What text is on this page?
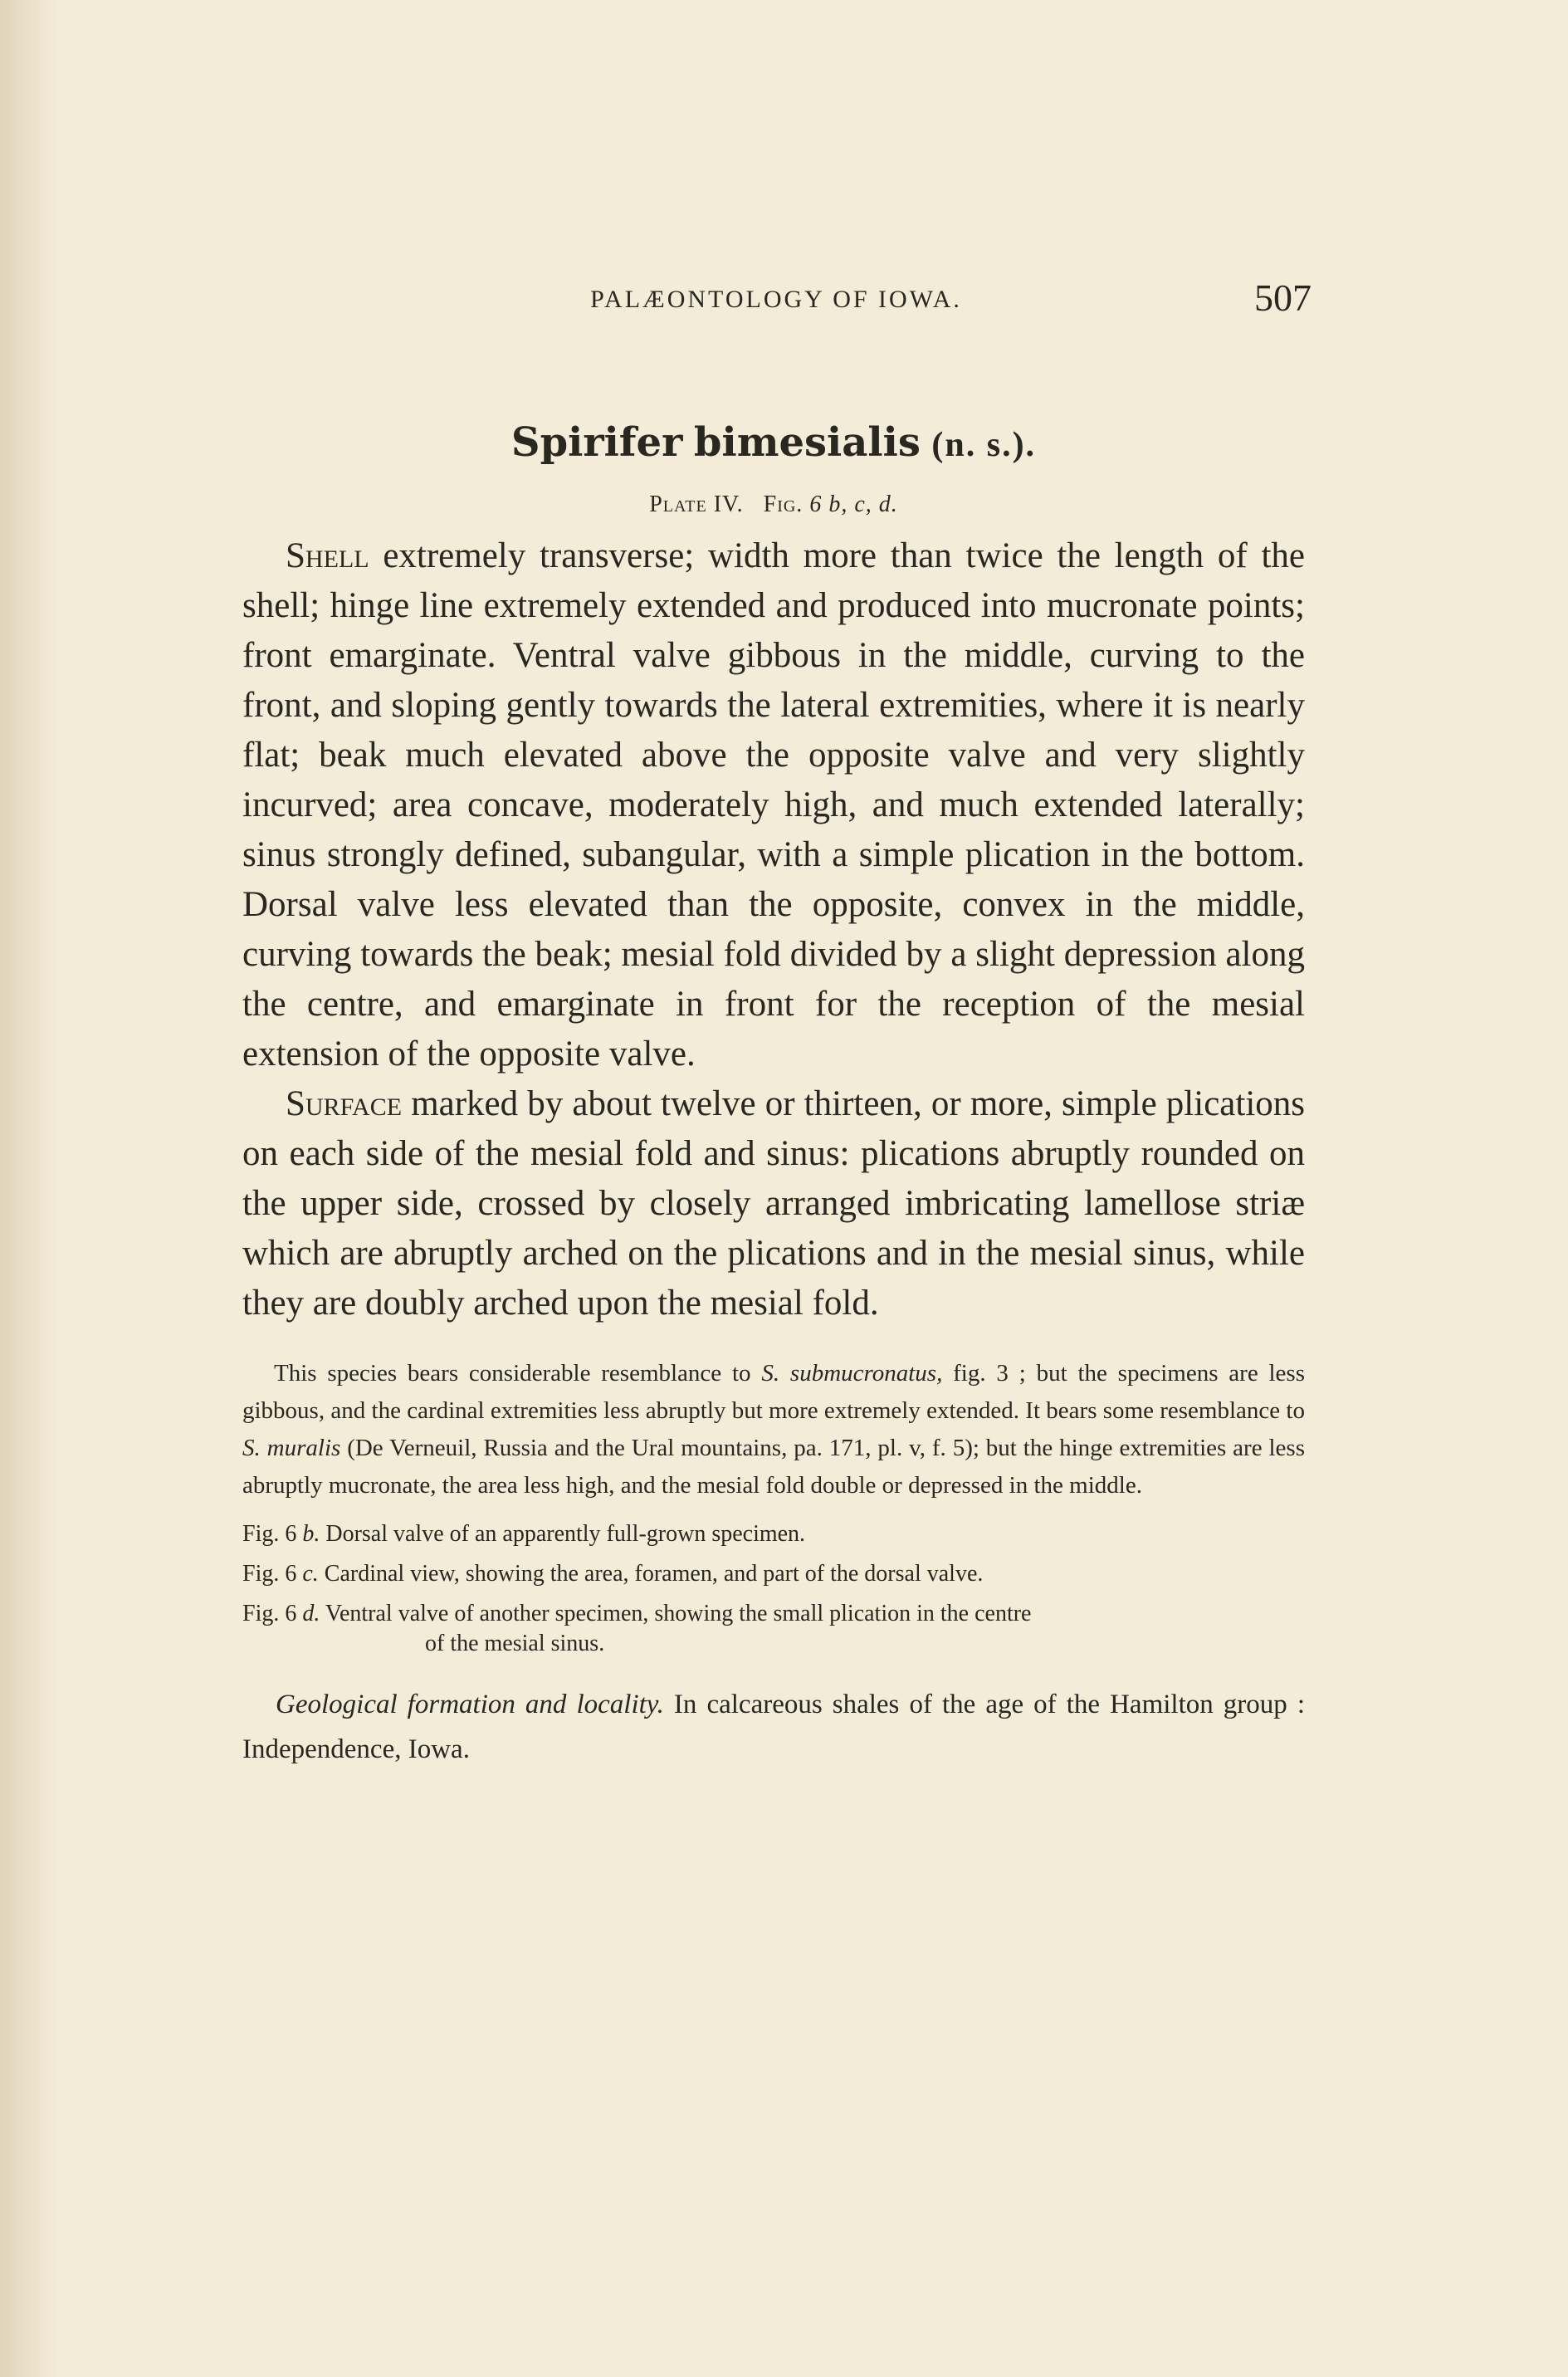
PALÆONTOLOGY OF IOWA.	507
Spirifer bimesialis (n. s.).
Plate IV. Fig. 6 b, c, d.

Shell extremely transverse; width more than twice the length of the shell; hinge line extremely extended and produced into mucronate points; front emarginate. Ventral valve gibbous in the middle, curving to the front, and sloping gently towards the lateral extremities, where it is nearly flat; beak much elevated above the opposite valve and very slightly incurved; area concave, moderately high, and much extended laterally; sinus strongly defined, subangular, with a simple plication in the bottom. Dorsal valve less elevated than the opposite, convex in the middle, curving towards the beak; mesial fold divided by a slight depression along the centre, and emarginate in front for the reception of the mesial extension of the opposite valve.

Surface marked by about twelve or thirteen, or more, simple plications on each side of the mesial fold and sinus: plications abruptly rounded on the upper side, crossed by closely arranged imbricating lamellose striæ which are abruptly arched on the plications and in the mesial sinus, while they are doubly arched upon the mesial fold.

This species bears considerable resemblance to S. submucronatus, fig. 3 ; but the specimens are less gibbous, and the cardinal extremities less abruptly but more extremely extended. It bears some resemblance to S. muralis (De Verneuil, Russia and the Ural mountains, pa. 171, pl. v, f. 5); but the hinge extremities are less abruptly mucronate, the area less high, and the mesial fold double or depressed in the middle.

Fig. 6 b. Dorsal valve of an apparently full-grown specimen.
Fig. 6 c. Cardinal view, showing the area, foramen, and part of the dorsal valve.
Fig. 6 d. Ventral valve of another specimen, showing the small plication in the centre
of the mesial sinus.

Geological formation and locality. In calcareous shales of the age of the Hamilton group : Independence, Iowa.
